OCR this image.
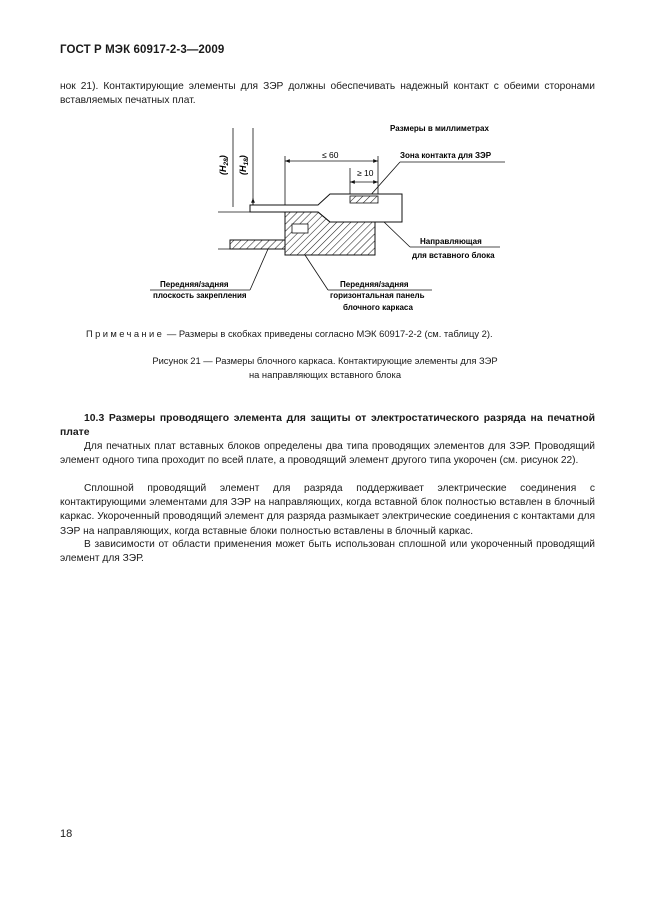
ГОСТ Р МЭК 60917-2-3—2009
нок 21). Контактирующие элементы для ЗЭР должны обеспечивать надежный контакт с обеими сторонами вставляемых печатных плат.
Размеры в миллиметрах
$(H_{28})$
$(H_{18})$	≤ 60
≥ 10
Зона контакта для ЗЭР
Направляющая
для вставного блока
Передняя/задняя
плоскость закрепления
Передняя/задняя
горизонтальная панель
блочного каркаса
Примечание — Размеры в скобках приведены согласно МЭК 60917-2-2 (см. таблицу 2).
Рисунок 21 — Размеры блочного каркаса. Контактирующие элементы для ЗЭР
на направляющих вставного блока
10.3 Размеры проводящего элемента для защиты от электростатического разряда на печатной плате
Для печатных плат вставных блоков определены два типа проводящих элементов для ЗЭР. Проводящий элемент одного типа проходит по всей плате, а проводящий элемент другого типа укорочен (см. рисунок 22).
Сплошной проводящий элемент для разряда поддерживает электрические соединения с контактирующими элементами для ЗЭР на направляющих, когда вставной блок полностью вставлен в блочный каркас. Укороченный проводящий элемент для разряда размыкает электрические соединения с контактами для ЗЭР на направляющих, когда вставные блоки полностью вставлены в блочный каркас.
В зависимости от области применения может быть использован сплошной или укороченный проводящий элемент для ЗЭР.
18
